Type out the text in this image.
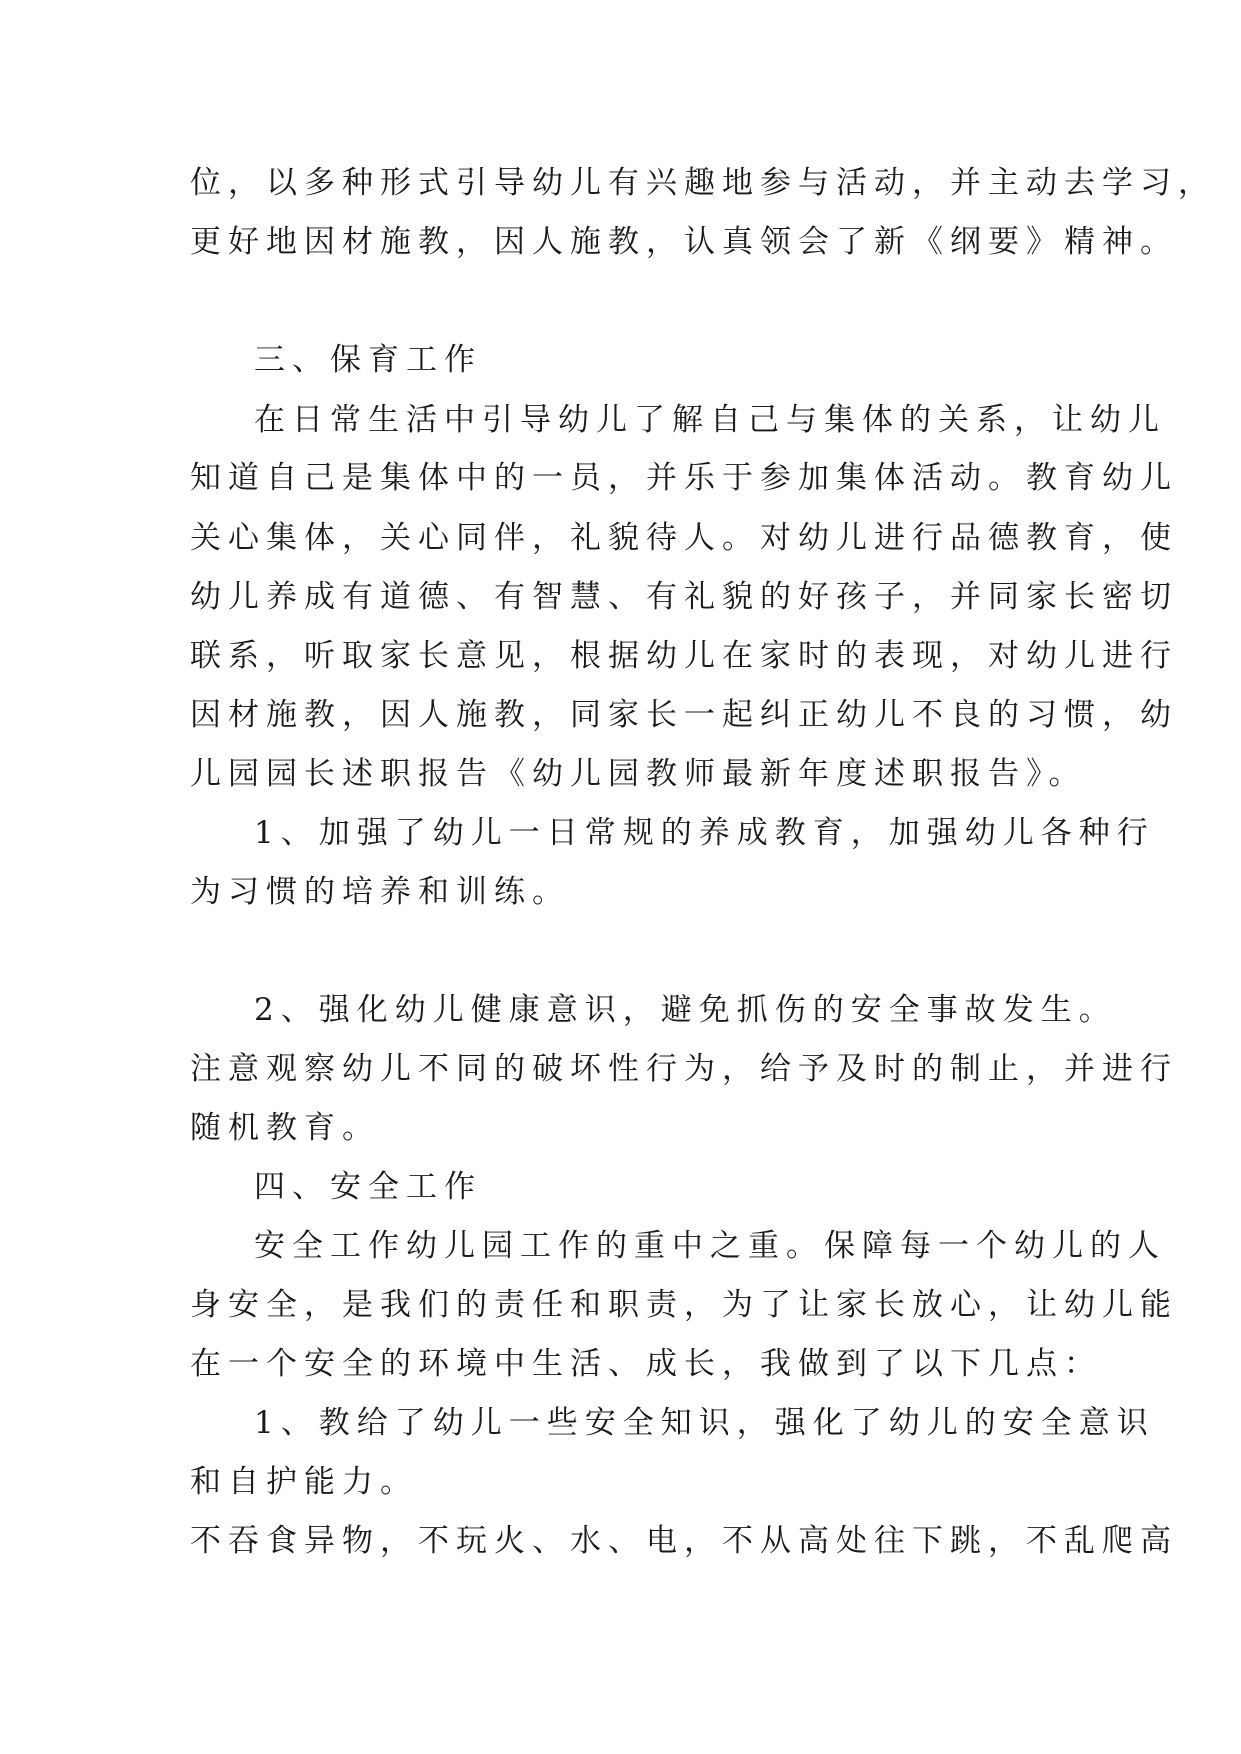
位，以多种形式引导幼儿有兴趣地参与活动，并主动去学习，

更好地因材施教，因人施教，认真领会了新《纲要》精神。

三、保育工作

在日常生活中引导幼儿了解自己与集体的关系，让幼儿

知道自己是集体中的一员，并乐于参加集体活动。教育幼儿

关心集体，关心同伴，礼貌待人。对幼儿进行品德教育，使

幼儿养成有道德、有智慧、有礼貌的好孩子，并同家长密切

联系，听取家长意见，根据幼儿在家时的表现，对幼儿进行

因材施教，因人施教，同家长一起纠正幼儿不良的习惯，幼

儿园园长述职报告《幼儿园教师最新年度述职报告》。

1、加强了幼儿一日常规的养成教育，加强幼儿各种行

为习惯的培养和训练。

2、强化幼儿健康意识，避免抓伤的安全事故发生。

注意观察幼儿不同的破坏性行为，给予及时的制止，并进行

随机教育。

四、安全工作

安全工作幼儿园工作的重中之重。保障每一个幼儿的人

身安全，是我们的责任和职责，为了让家长放心，让幼儿能

在一个安全的环境中生活、成长，我做到了以下几点：

1、教给了幼儿一些安全知识，强化了幼儿的安全意识

和自护能力。

不吞食异物，不玩火、水、电，不从高处往下跳，不乱爬高
